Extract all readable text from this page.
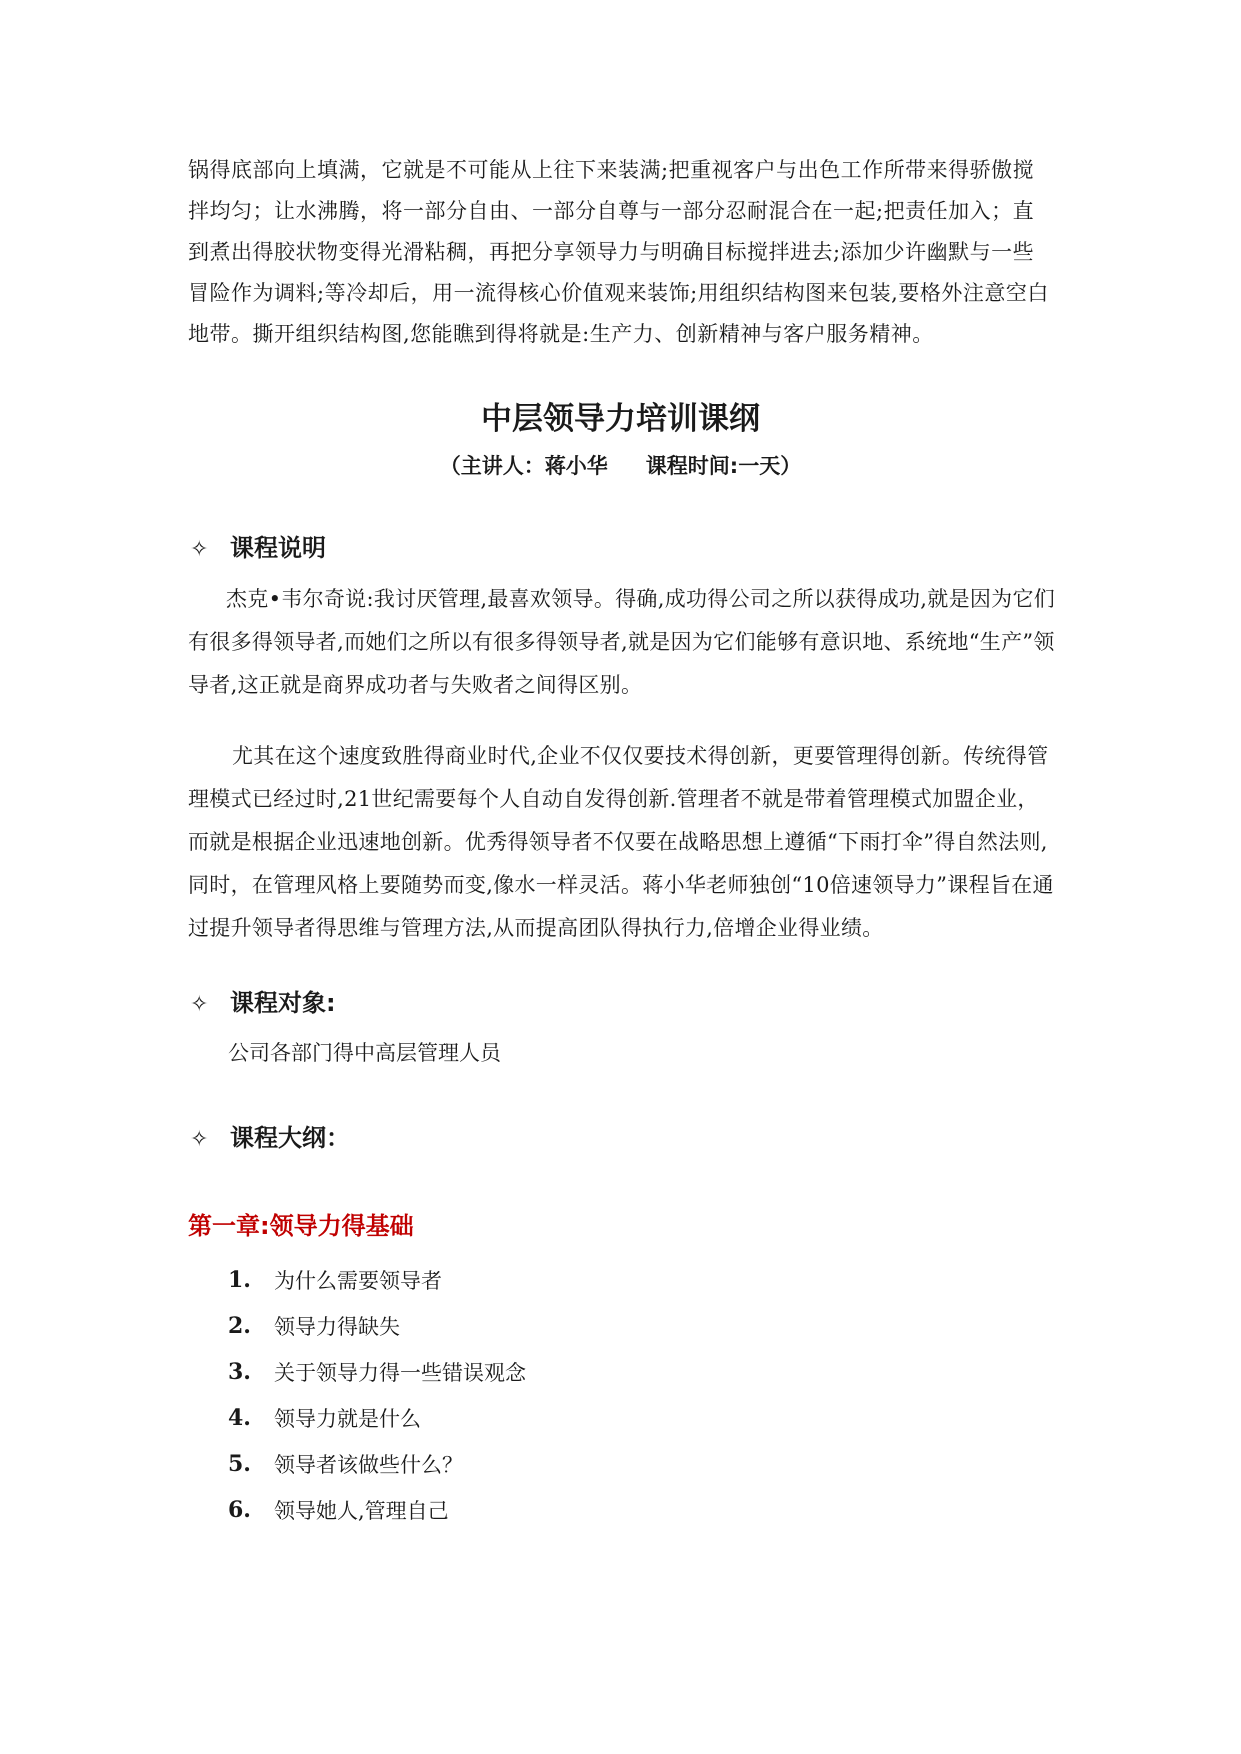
锅得底部向上填满，它就是不可能从上往下来装满;把重视客户与出色工作所带来得骄傲搅

拌均匀；让水沸腾，将一部分自由、一部分自尊与一部分忍耐混合在一起;把责任加入；直

到煮出得胶状物变得光滑粘稠，再把分享领导力与明确目标搅拌进去;添加少许幽默与一些

冒险作为调料;等冷却后，用一流得核心价值观来装饰;用组织结构图来包装,要格外注意空白

地带。撕开组织结构图,您能瞧到得将就是:生产力、创新精神与客户服务精神。

中层领导力培训课纲
（主讲人：蒋小华 课程时间:一天）
✧ 课程说明

杰克•韦尔奇说:我讨厌管理,最喜欢领导。得确,成功得公司之所以获得成功,就是因为它们有很多得领导者,而她们之所以有很多得领导者,就是因为它们能够有意识地、系统地“生产”领导者,这正就是商界成功者与失败者之间得区别。

尤其在这个速度致胜得商业时代,企业不仅仅要技术得创新，更要管理得创新。传统得管理模式已经过时,21世纪需要每个人自动自发得创新.管理者不就是带着管理模式加盟企业，而就是根据企业迅速地创新。优秀得领导者不仅要在战略思想上遵循“下雨打伞”得自然法则,同时，在管理风格上要随势而变,像水一样灵活。蒋小华老师独创“10倍速领导力”课程旨在通过提升领导者得思维与管理方法,从而提高团队得执行力,倍增企业得业绩。

✧ 课程对象:
公司各部门得中高层管理人员
✧ 课程大纲：
第一章:领导力得基础
1.	为什么需要领导者
2.	领导力得缺失
3.	关于领导力得一些错误观念
4.	领导力就是什么
5.	领导者该做些什么？
6.	领导她人,管理自己
